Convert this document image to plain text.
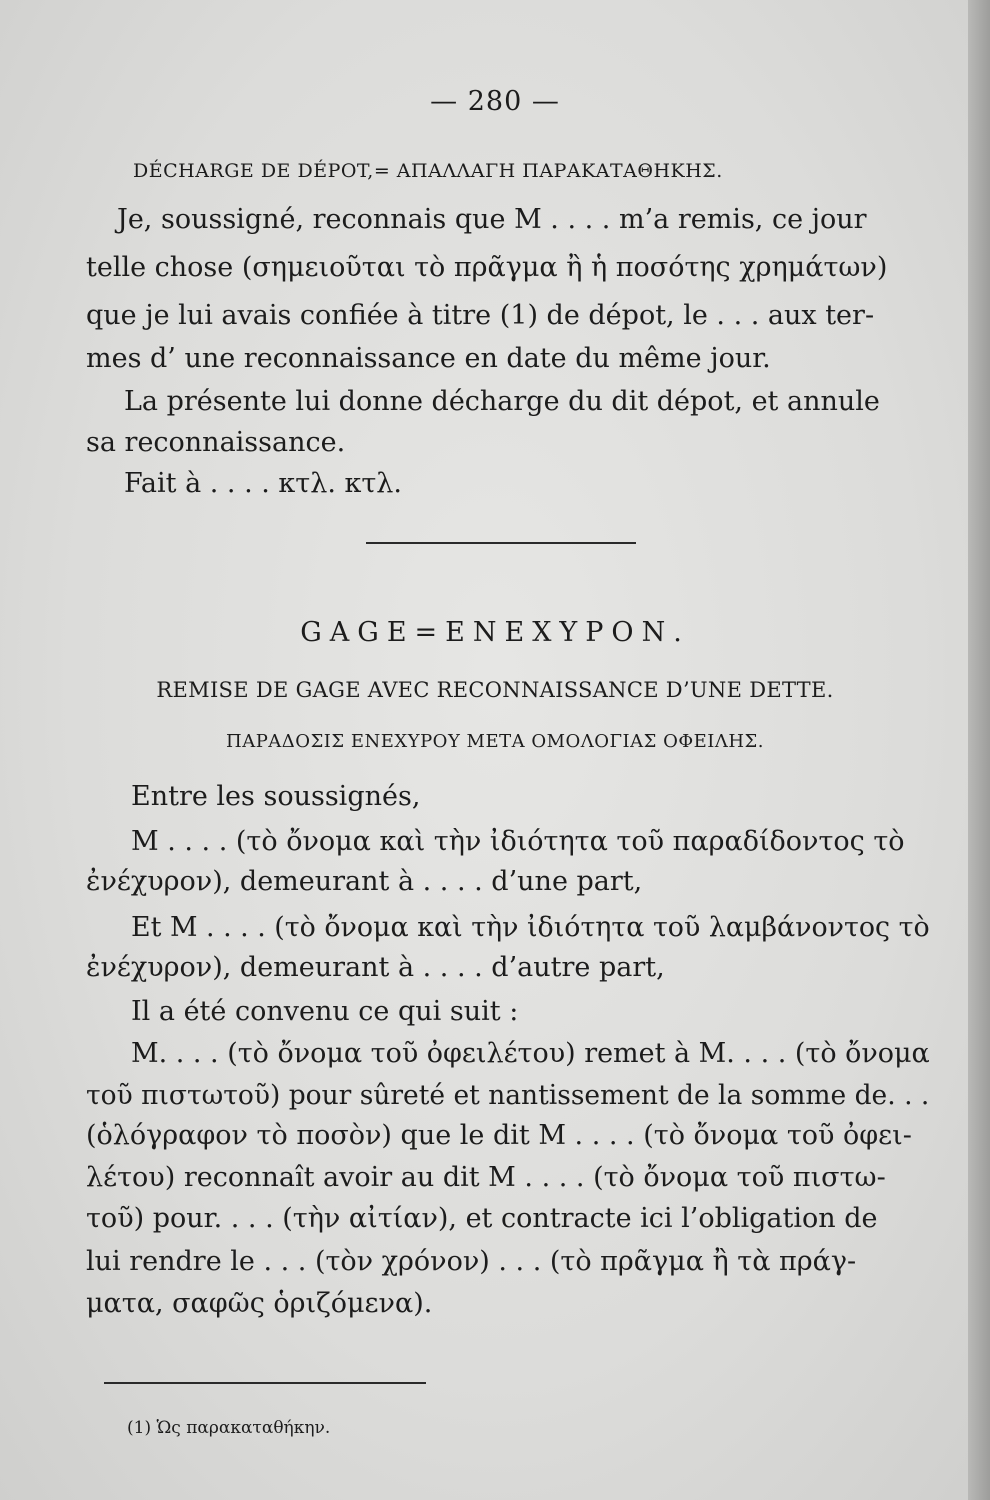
— 280 —
DÉCHARGE DE DÉPOT,= ΑΠΑΛΛΑΓΗ ΠΑΡΑΚΑΤΑΘΗΚΗΣ.
Je, soussigné, reconnais que M . . . . m’a remis, ce jour
telle chose (σημειοῦται τὸ πρᾶγμα ἢ ἡ ποσότης χρημάτων)
que je lui avais confiée à titre (1) de dépot, le . . . aux ter-
mes d’ une reconnaissance en date du même jour.
La présente lui donne décharge du dit dépot, et annule
sa reconnaissance.
Fait à . . . . κτλ. κτλ.
GAGE=ΕΝΕΧΥΡΟΝ.
REMISE DE GAGE AVEC RECONNAISSANCE D’UNE DETTE.
ΠΑΡΑΔΟΣΙΣ ΕΝΕΧΥΡΟΥ ΜΕΤΑ ΟΜΟΛΟΓΙΑΣ ΟΦΕΙΛΗΣ.
Entre les soussignés,
M . . . . (τὸ ὄνομα καὶ τὴν ἰδιότητα τοῦ παραδίδοντος τὸ
ἐνέχυρον), demeurant à . . . . d’une part,
Et M . . . . (τὸ ὄνομα καὶ τὴν ἰδιότητα τοῦ λαμβάνοντος τὸ
ἐνέχυρον), demeurant à . . . . d’autre part,
Il a été convenu ce qui suit :
M. . . . (τὸ ὄνομα τοῦ ὀφειλέτου) remet à M. . . . (τὸ ὄνομα
τοῦ πιστωτοῦ) pour sûreté et nantissement de la somme de. . .
(ὁλόγραφον τὸ ποσὸν) que le dit M . . . . (τὸ ὄνομα τοῦ ὀφει-
λέτου) reconnaît avoir au dit M . . . . (τὸ ὄνομα τοῦ πιστω-
τοῦ) pour. . . . (τὴν αἰτίαν), et contracte ici l’obligation de
lui rendre le . . . (τὸν χρόνον) . . . (τὸ πρᾶγμα ἢ τὰ πράγ-
ματα, σαφῶς ὁριζόμενα).
(1) Ὡς παρακαταθήκην.
